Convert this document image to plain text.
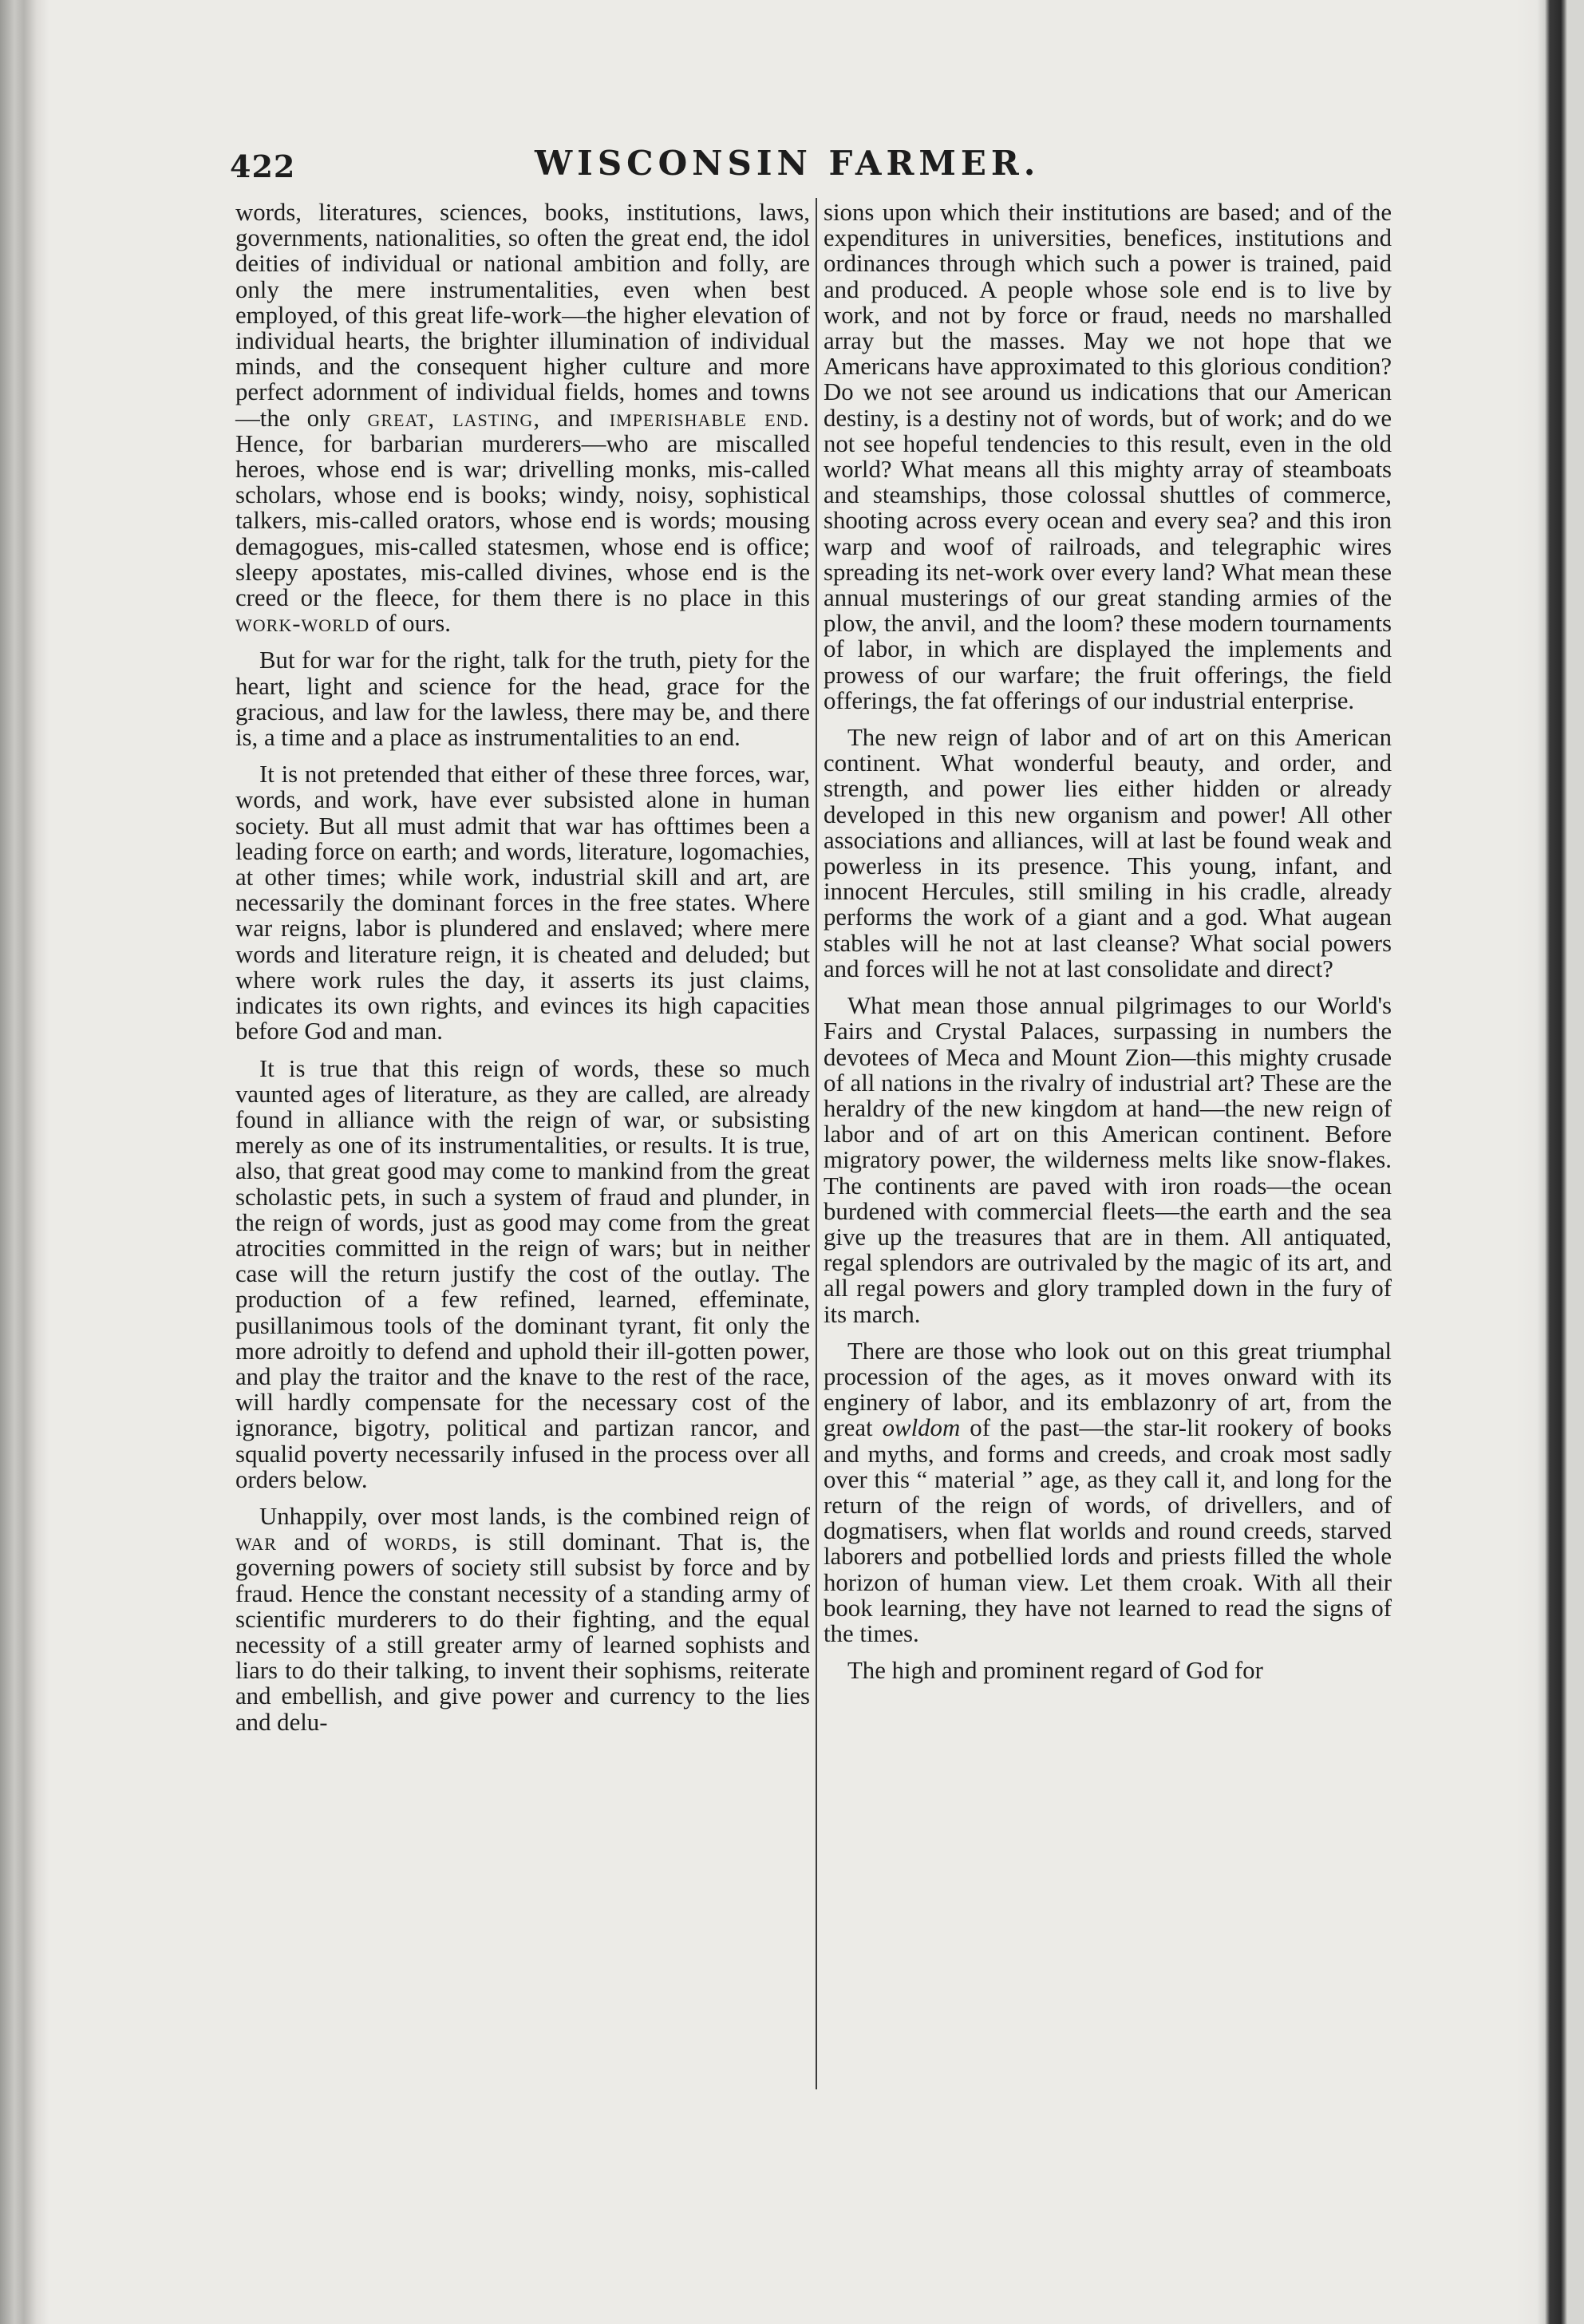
422	WISCONSIN FARMER.

words, literatures, sciences, books, institutions, laws, governments, nationalities, so often the great end, the idol deities of individual or national ambition and folly, are only the mere instrumentalities, even when best employed, of this great life-work—the higher elevation of individual hearts, the brighter illumination of individual minds, and the consequent higher culture and more perfect adornment of individual fields, homes and towns—the only great, lasting, and imperishable end. Hence, for barbarian murderers—who are miscalled heroes, whose end is war; drivelling monks, mis-called scholars, whose end is books; windy, noisy, sophistical talkers, mis-called orators, whose end is words; mousing demagogues, mis-called statesmen, whose end is office; sleepy apostates, mis-called divines, whose end is the creed or the fleece, for them there is no place in this work-world of ours.

But for war for the right, talk for the truth, piety for the heart, light and science for the head, grace for the gracious, and law for the lawless, there may be, and there is, a time and a place as instrumentalities to an end.

It is not pretended that either of these three forces, war, words, and work, have ever subsisted alone in human society. But all must admit that war has ofttimes been a leading force on earth; and words, literature, logomachies, at other times; while work, industrial skill and art, are necessarily the dominant forces in the free states. Where war reigns, labor is plundered and enslaved; where mere words and literature reign, it is cheated and deluded; but where work rules the day, it asserts its just claims, indicates its own rights, and evinces its high capacities before God and man.

It is true that this reign of words, these so much vaunted ages of literature, as they are called, are already found in alliance with the reign of war, or subsisting merely as one of its instrumentalities, or results. It is true, also, that great good may come to mankind from the great scholastic pets, in such a system of fraud and plunder, in the reign of words, just as good may come from the great atrocities committed in the reign of wars; but in neither case will the return justify the cost of the outlay. The production of a few refined, learned, effeminate, pusillanimous tools of the dominant tyrant, fit only the more adroitly to defend and uphold their ill-gotten power, and play the traitor and the knave to the rest of the race, will hardly compensate for the necessary cost of the ignorance, bigotry, political and partizan rancor, and squalid poverty necessarily infused in the process over all orders below.

Unhappily, over most lands, is the combined reign of war and of words, is still dominant. That is, the governing powers of society still subsist by force and by fraud. Hence the constant necessity of a standing army of scientific murderers to do their fighting, and the equal necessity of a still greater army of learned sophists and liars to do their talking, to invent their sophisms, reiterate and embellish, and give power and currency to the lies and delu-

sions upon which their institutions are based; and of the expenditures in universities, benefices, institutions and ordinances through which such a power is trained, paid and produced. A people whose sole end is to live by work, and not by force or fraud, needs no marshalled array but the masses. May we not hope that we Americans have approximated to this glorious condition? Do we not see around us indications that our American destiny, is a destiny not of words, but of work; and do we not see hopeful tendencies to this result, even in the old world? What means all this mighty array of steamboats and steamships, those colossal shuttles of commerce, shooting across every ocean and every sea? and this iron warp and woof of railroads, and telegraphic wires spreading its net-work over every land? What mean these annual musterings of our great standing armies of the plow, the anvil, and the loom? these modern tournaments of labor, in which are displayed the implements and prowess of our warfare; the fruit offerings, the field offerings, the fat offerings of our industrial enterprise.

The new reign of labor and of art on this American continent. What wonderful beauty, and order, and strength, and power lies either hidden or already developed in this new organism and power! All other associations and alliances, will at last be found weak and powerless in its presence. This young, infant, and innocent Hercules, still smiling in his cradle, already performs the work of a giant and a god. What augean stables will he not at last cleanse? What social powers and forces will he not at last consolidate and direct?

What mean those annual pilgrimages to our World's Fairs and Crystal Palaces, surpassing in numbers the devotees of Meca and Mount Zion—this mighty crusade of all nations in the rivalry of industrial art? These are the heraldry of the new kingdom at hand—the new reign of labor and of art on this American continent. Before migratory power, the wilderness melts like snow-flakes. The continents are paved with iron roads—the ocean burdened with commercial fleets—the earth and the sea give up the treasures that are in them. All antiquated, regal splendors are outrivaled by the magic of its art, and all regal powers and glory trampled down in the fury of its march.

There are those who look out on this great triumphal procession of the ages, as it moves onward with its enginery of labor, and its emblazonry of art, from the great owldom of the past—the star-lit rookery of books and myths, and forms and creeds, and croak most sadly over this “ material ” age, as they call it, and long for the return of the reign of words, of drivellers, and of dogmatisers, when flat worlds and round creeds, starved laborers and potbellied lords and priests filled the whole horizon of human view. Let them croak. With all their book learning, they have not learned to read the signs of the times.

The high and prominent regard of God for
